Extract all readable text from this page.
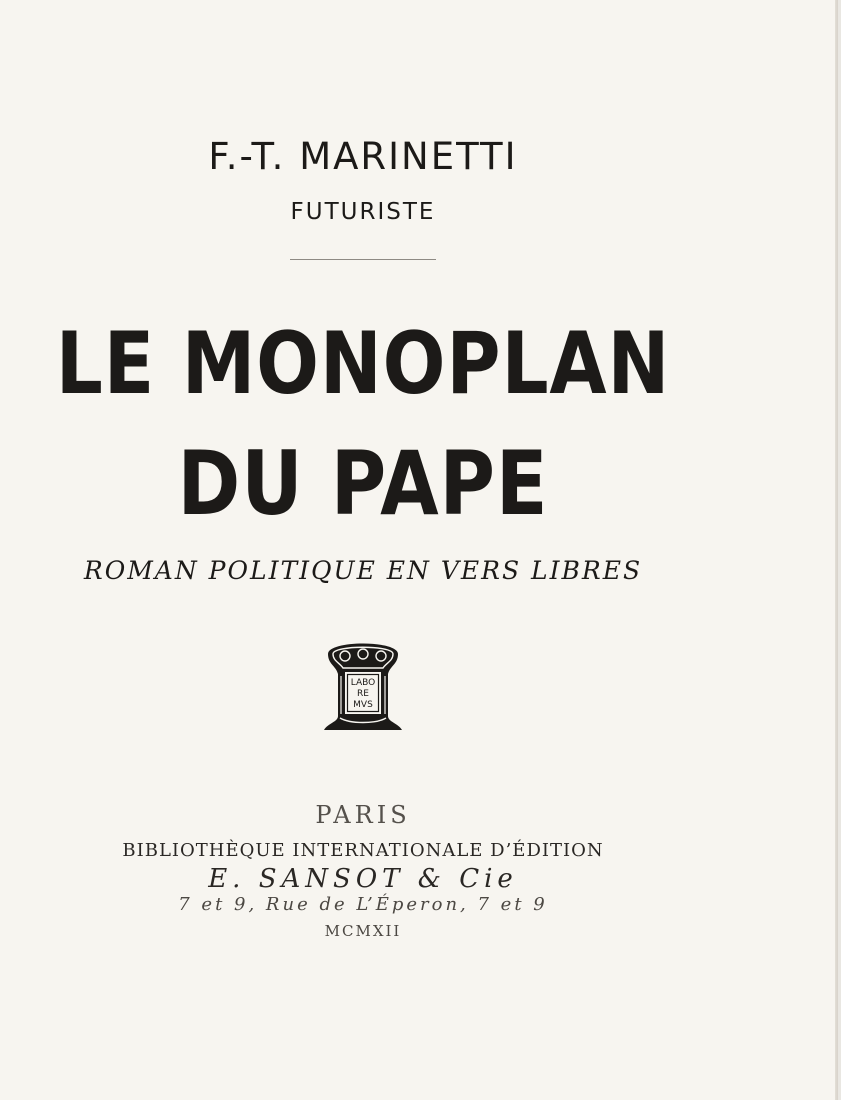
F.-T. MARINETTI
FUTURISTE
LE MONOPLAN
DU PAPE
ROMAN POLITIQUE EN VERS LIBRES
LABO
RE
MVS
PARIS
BIBLIOTHÈQUE INTERNATIONALE D’ÉDITION
E. SANSOT & Cie
7 et 9, Rue de L’Éperon, 7 et 9
MCMXII
